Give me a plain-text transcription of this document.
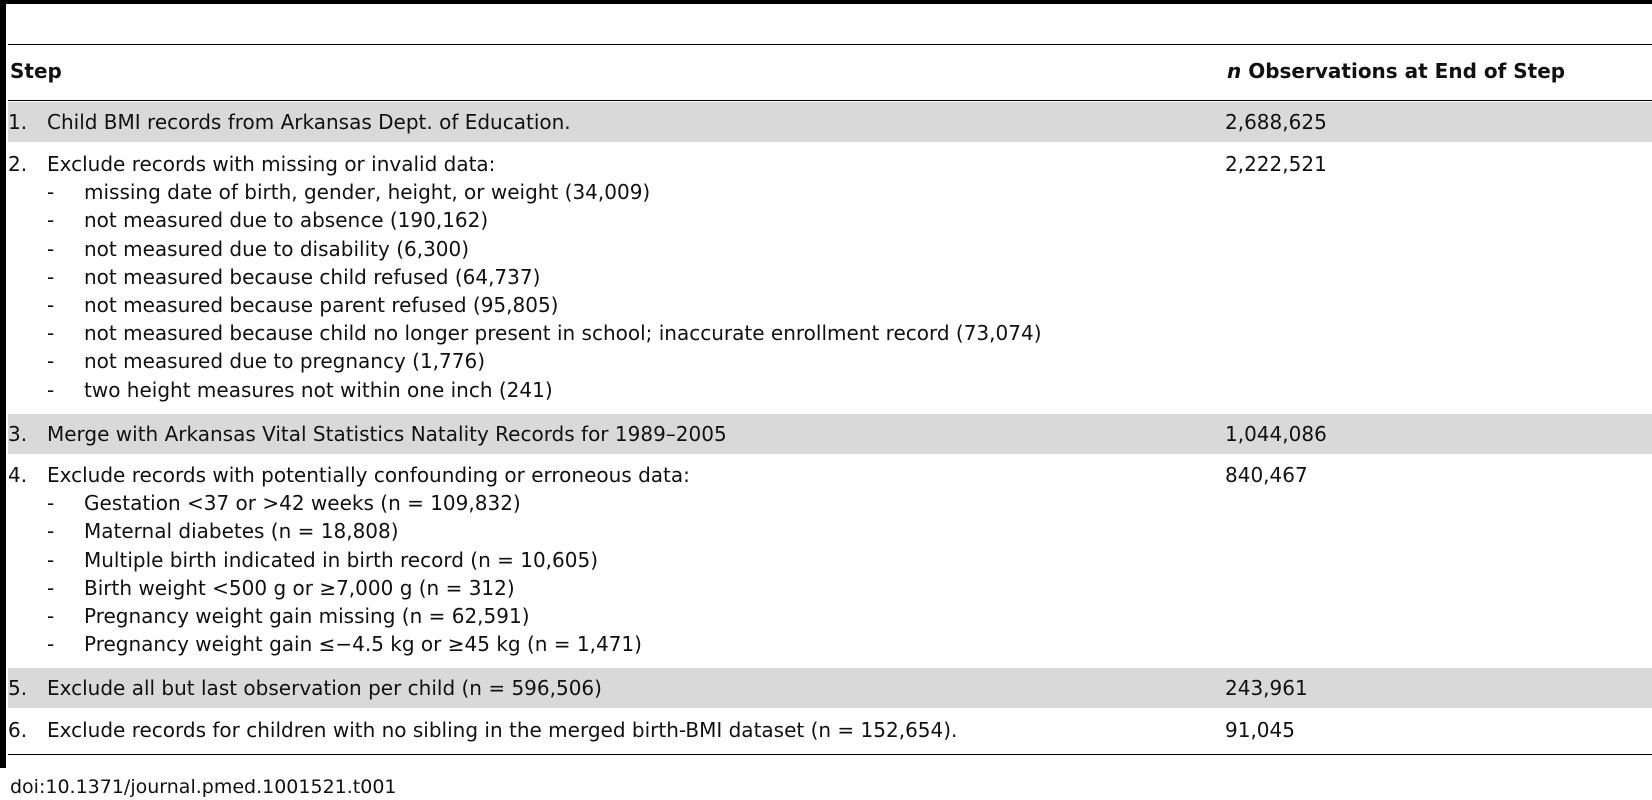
Step	n Observations at End of Step
1. Child BMI records from Arkansas Dept. of Education.	2,688,625
2. Exclude records with missing or invalid data:
- missing date of birth, gender, height, or weight (34,009)
- not measured due to absence (190,162)
- not measured due to disability (6,300)
- not measured because child refused (64,737)
- not measured because parent refused (95,805)
- not measured because child no longer present in school; inaccurate enrollment record (73,074)
- not measured due to pregnancy (1,776)
- two height measures not within one inch (241)
2,222,521
3. Merge with Arkansas Vital Statistics Natality Records for 1989–2005	1,044,086
4. Exclude records with potentially confounding or erroneous data:
- Gestation <37 or >42 weeks (n = 109,832)
- Maternal diabetes (n = 18,808)
- Multiple birth indicated in birth record (n = 10,605)
- Birth weight <500 g or ≥7,000 g (n = 312)
- Pregnancy weight gain missing (n = 62,591)
- Pregnancy weight gain ≤−4.5 kg or ≥45 kg (n = 1,471)
840,467
5. Exclude all but last observation per child (n = 596,506)	243,961
6. Exclude records for children with no sibling in the merged birth-BMI dataset (n = 152,654).	91,045
doi:10.1371/journal.pmed.1001521.t001
